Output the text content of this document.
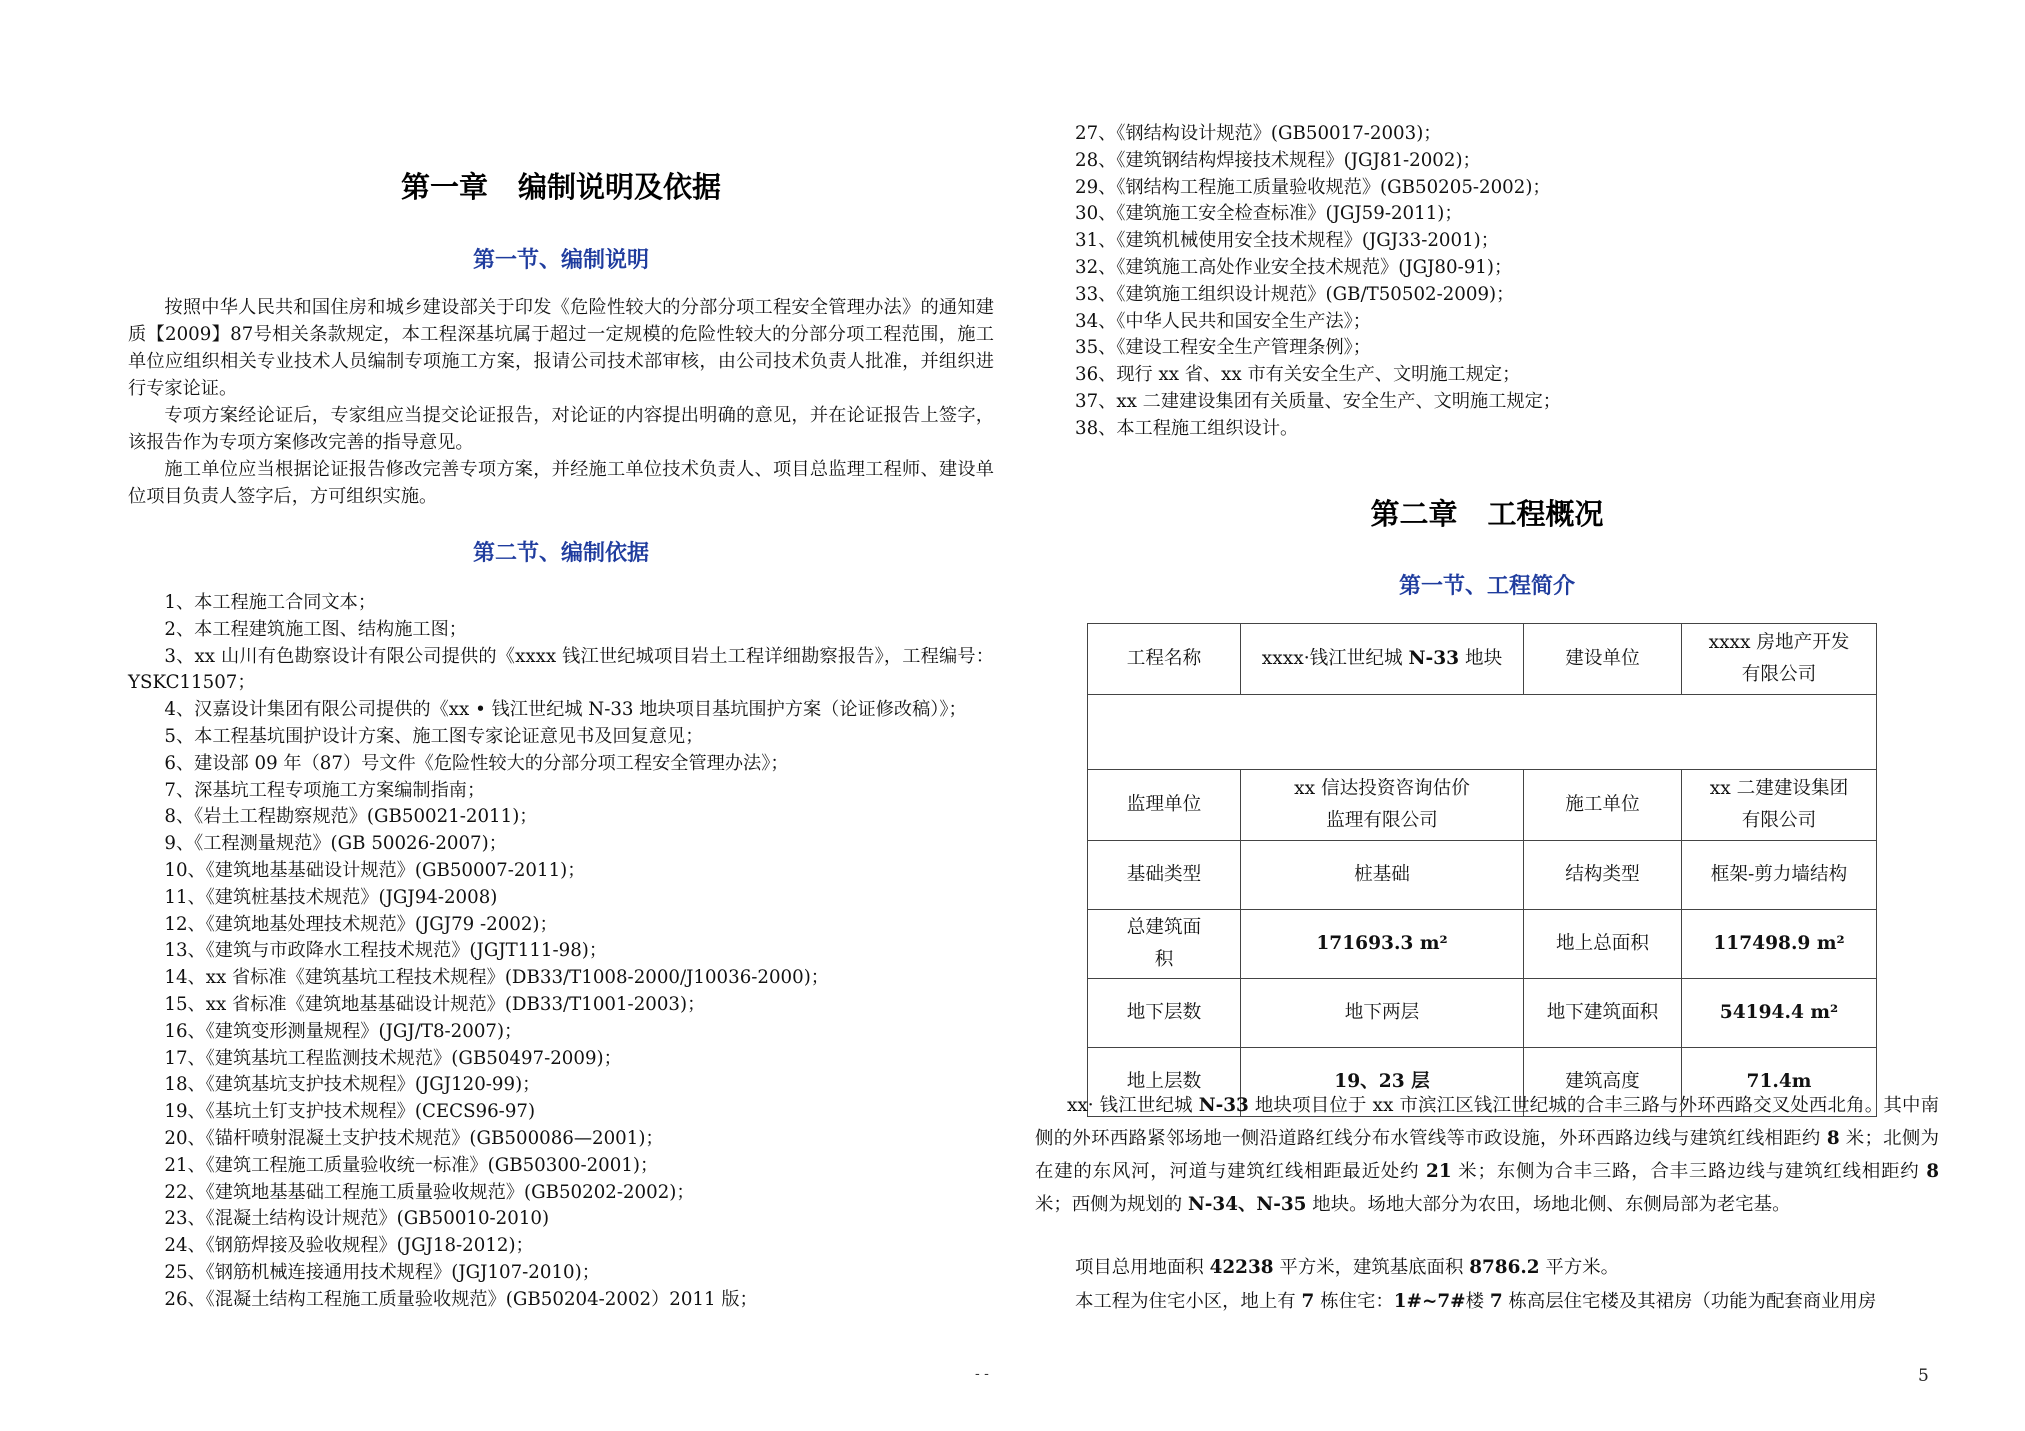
第一章 编制说明及依据
第一节、编制说明

按照中华人民共和国住房和城乡建设部关于印发《危险性较大的分部分项工程安全管理办法》的通知建质【2009】87号相关条款规定，本工程深基坑属于超过一定规模的危险性较大的分部分项工程范围，施工单位应组织相关专业技术人员编制专项施工方案，报请公司技术部审核，由公司技术负责人批准，并组织进行专家论证。

专项方案经论证后，专家组应当提交论证报告，对论证的内容提出明确的意见，并在论证报告上签字，该报告作为专项方案修改完善的指导意见。

施工单位应当根据论证报告修改完善专项方案，并经施工单位技术负责人、项目总监理工程师、建设单位项目负责人签字后，方可组织实施。

第二节、编制依据
1、本工程施工合同文本；
2、本工程建筑施工图、结构施工图；
3、xx 山川有色勘察设计有限公司提供的《xxxx 钱江世纪城项目岩土工程详细勘察报告》，工程编号：YSKC11507；
4、汉嘉设计集团有限公司提供的《xx • 钱江世纪城 N-33 地块项目基坑围护方案（论证修改稿）》；
5、本工程基坑围护设计方案、施工图专家论证意见书及回复意见；
6、建设部 09 年（87）号文件《危险性较大的分部分项工程安全管理办法》；
7、深基坑工程专项施工方案编制指南；
8、《岩土工程勘察规范》(GB50021-2011)；
9、《工程测量规范》(GB 50026-2007)；
10、《建筑地基基础设计规范》(GB50007-2011)；
11、《建筑桩基技术规范》(JGJ94-2008)
12、《建筑地基处理技术规范》(JGJ79 -2002)；
13、《建筑与市政降水工程技术规范》(JGJT111-98)；
14、xx 省标准《建筑基坑工程技术规程》(DB33/T1008-2000/J10036-2000)；
15、xx 省标准《建筑地基基础设计规范》(DB33/T1001-2003)；
16、《建筑变形测量规程》(JGJ/T8-2007)；
17、《建筑基坑工程监测技术规范》(GB50497-2009)；
18、《建筑基坑支护技术规程》(JGJ120-99)；
19、《基坑土钉支护技术规程》(CECS96-97)
20、《锚杆喷射混凝土支护技术规范》(GB500086—2001)；
21、《建筑工程施工质量验收统一标准》(GB50300-2001)；
22、《建筑地基基础工程施工质量验收规范》(GB50202-2002)；
23、《混凝土结构设计规范》(GB50010-2010)
24、《钢筋焊接及验收规程》(JGJ18-2012)；
25、《钢筋机械连接通用技术规程》(JGJ107-2010)；
26、《混凝土结构工程施工质量验收规范》(GB50204-2002）2011 版；
27、《钢结构设计规范》(GB50017-2003)；
28、《建筑钢结构焊接技术规程》(JGJ81-2002)；
29、《钢结构工程施工质量验收规范》(GB50205-2002)；
30、《建筑施工安全检查标准》(JGJ59-2011)；
31、《建筑机械使用安全技术规程》(JGJ33-2001)；
32、《建筑施工高处作业安全技术规范》(JGJ80-91)；
33、《建筑施工组织设计规范》(GB/T50502-2009)；
34、《中华人民共和国安全生产法》；
35、《建设工程安全生产管理条例》；
36、现行 xx 省、xx 市有关安全生产、文明施工规定；
37、xx 二建建设集团有关质量、安全生产、文明施工规定；
38、本工程施工组织设计。
第二章 工程概况
第一节、工程简介
工程名称	xxxx·钱江世纪城 N-33 地块	建设单位	xxxx 房地产开发
有限公司

监理单位	xx 信达投资咨询估价
监理有限公司	施工单位	xx 二建建设集团
有限公司
基础类型	桩基础	结构类型	框架-剪力墙结构
总建筑面
积	171693.3 m²	地上总面积	117498.9 m²
地下层数	地下两层	地下建筑面积	54194.4 m²
地上层数	19、23 层	建筑高度	71.4m

xx· 钱江世纪城 N-33 地块项目位于 xx 市滨江区钱江世纪城的合丰三路与外环西路交叉处西北角。其中南侧的外环西路紧邻场地一侧沿道路红线分布水管线等市政设施，外环西路边线与建筑红线相距约 8 米；北侧为在建的东风河，河道与建筑红线相距最近处约 21 米；东侧为合丰三路，合丰三路边线与建筑红线相距约 8 米；西侧为规划的 N-34、N-35 地块。场地大部分为农田，场地北侧、东侧局部为老宅基。

项目总用地面积 42238 平方米，建筑基底面积 8786.2 平方米。

本工程为住宅小区，地上有 7 栋住宅：1#~7#楼 7 栋高层住宅楼及其裙房（功能为配套商业用房

- -	5
